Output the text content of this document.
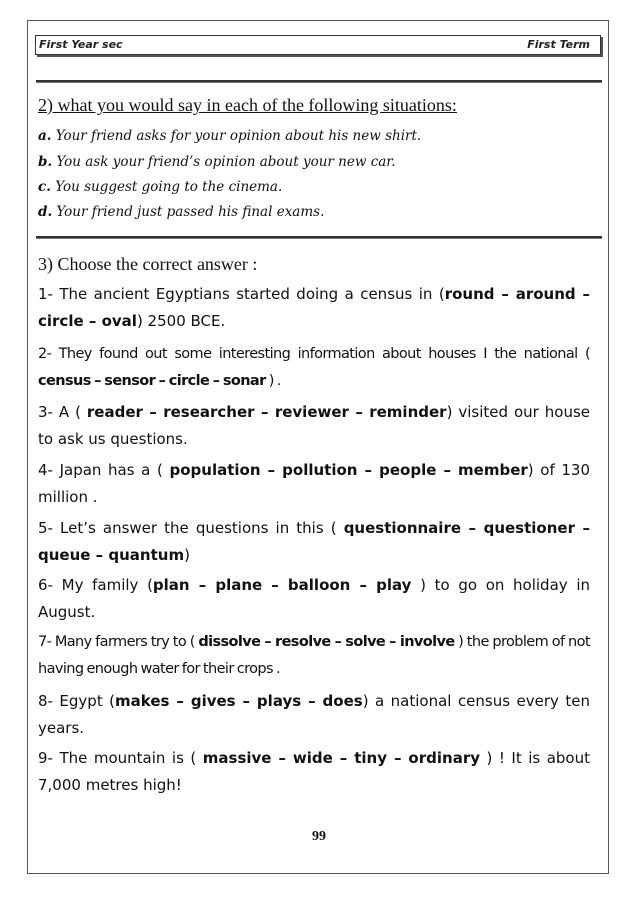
First Year sec	First Term
2) what you would say in each of the following situations:
a. Your friend asks for your opinion about his new shirt.
b. You ask your friend’s opinion about your new car.
c. You suggest going to the cinema.
d. Your friend just passed his final exams.
3) Choose the correct answer :
1- The ancient Egyptians started doing a census in (round – around – circle – oval) 2500 BCE.
2- They found out some interesting information about houses I the national ( census – sensor – circle – sonar ) .
3- A ( reader – researcher – reviewer – reminder) visited our house to ask us questions.
4- Japan has a ( population – pollution – people – member) of 130 million .
5- Let’s answer the questions in this ( questionnaire – questioner – queue – quantum)
6- My family (plan – plane – balloon – play ) to go on holiday in August.
7- Many farmers try to ( dissolve – resolve – solve – involve ) the problem of not having enough water for their crops .
8- Egypt (makes – gives – plays – does) a national census every ten years.
9- The mountain is ( massive – wide – tiny – ordinary ) ! It is about 7,000 metres high!
99
